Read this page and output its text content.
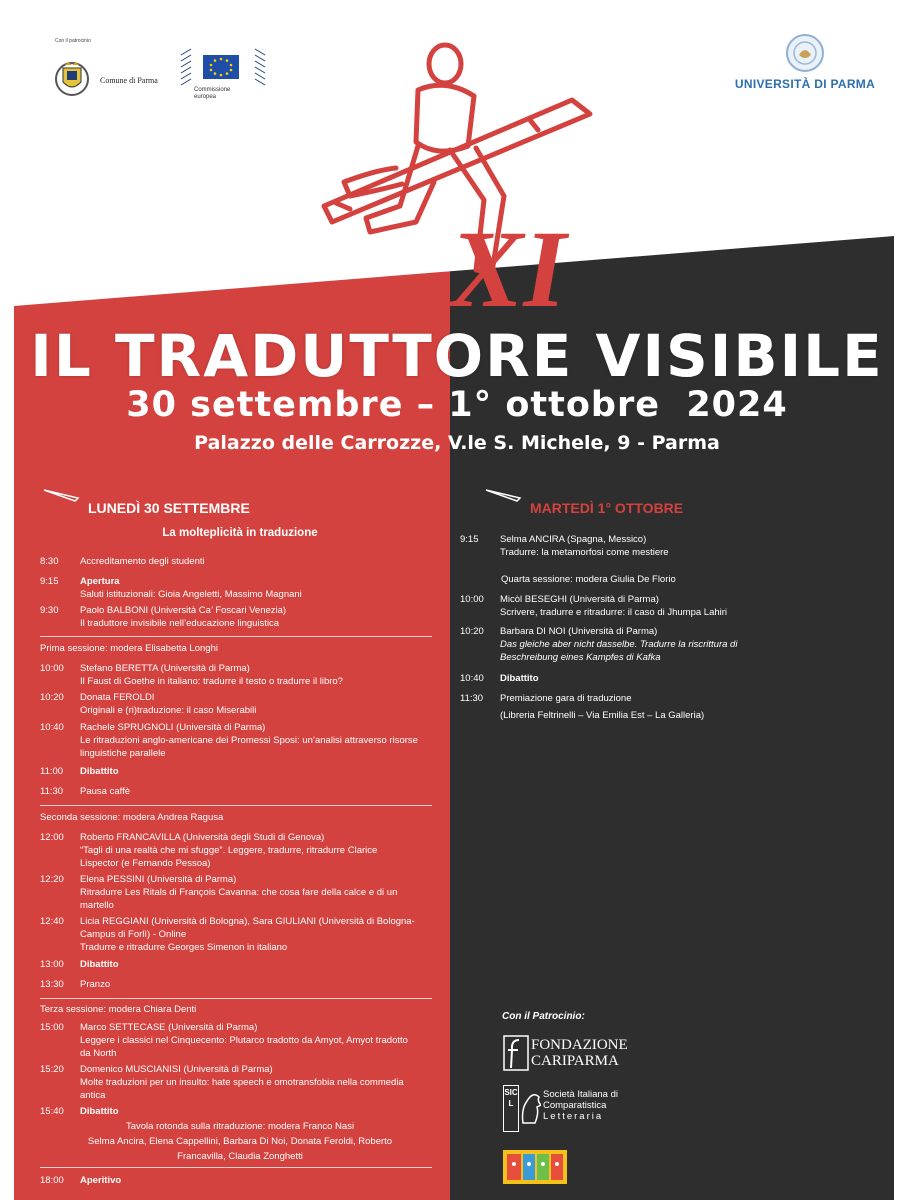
Con il patrocinio
Comune di Parma
Commissione
europea
UNIVERSITÀ DI PARMA
XI
IL TRADUTTORE VISIBILE
30 settembre – 1° ottobre  2024
Palazzo delle Carrozze, V.le S. Michele, 9 - Parma
LUNEDÌ 30 SETTEMBRE	MARTEDÌ 1° OTTOBRE
La molteplicità in traduzione
8:30	Accreditamento degli studenti
9:15	Apertura
Saluti istituzionali: Gioia Angeletti, Massimo Magnani
9:30	Paolo BALBONI (Università Ca’ Foscari Venezia)
Il traduttore invisibile nell’educazione linguistica
Prima sessione: modera Elisabetta Longhi
10:00	Stefano BERETTA (Università di Parma)
Il Faust di Goethe in italiano: tradurre il testo o tradurre il libro?
10:20	Donata FEROLDI
Originali e (ri)traduzione: il caso Miserabili
10:40	Rachele SPRUGNOLI (Università di Parma)
Le ritraduzioni anglo-americane dei Promessi Sposi: un’analisi attraverso risorse
linguistiche parallele
11:00	Dibattito
11:30	Pausa caffè
Seconda sessione: modera Andrea Ragusa
12:00	Roberto FRANCAVILLA (Università degli Studi di Genova)
“Tagli di una realtà che mi sfugge”. Leggere, tradurre, ritradurre Clarice
Lispector (e Fernando Pessoa)
12:20	Elena PESSINI (Università di Parma)
Ritradurre Les Ritals di François Cavanna: che cosa fare della calce e di un
martello
12:40	Licia REGGIANI (Università di Bologna), Sara GIULIANI (Università di Bologna-
Campus di Forlì) - Online
Tradurre e ritradurre Georges Simenon in italiano
13:00	Dibattito
13:30	Pranzo
Terza sessione: modera Chiara Denti
15:00	Marco SETTECASE (Università di Parma)
Leggere i classici nel Cinquecento: Plutarco tradotto da Amyot, Amyot tradotto
da North
15:20	Domenico MUSCIANISI (Università di Parma)
Molte traduzioni per un insulto: hate speech e omotransfobia nella commedia
antica
15:40	Dibattito
Tavola rotonda sulla ritraduzione: modera Franco Nasi
Selma Ancira, Elena Cappellini, Barbara Di Noi, Donata Feroldi, Roberto
Francavilla, Claudia Zonghetti
18:00	Aperitivo
9:15	Selma ANCIRA (Spagna, Messico)
Tradurre: la metamorfosi come mestiere
Quarta sessione: modera Giulia De Florio
10:00	Micòl BESEGHI (Università di Parma)
Scrivere, tradurre e ritradurre: il caso di Jhumpa Lahiri
10:20	Barbara DI NOI (Università di Parma)
Das gleiche aber nicht dasselbe. Tradurre la riscrittura di
Beschreibung eines Kampfes di Kafka
10:40	Dibattito
11:30	Premiazione gara di traduzione
(Libreria Feltrinelli – Via Emilia Est – La Galleria)
Con il Patrocinio:
FONDAZIONE
CARIPARMA
SICL
Società Italiana di
Comparatistica
Letteraria
